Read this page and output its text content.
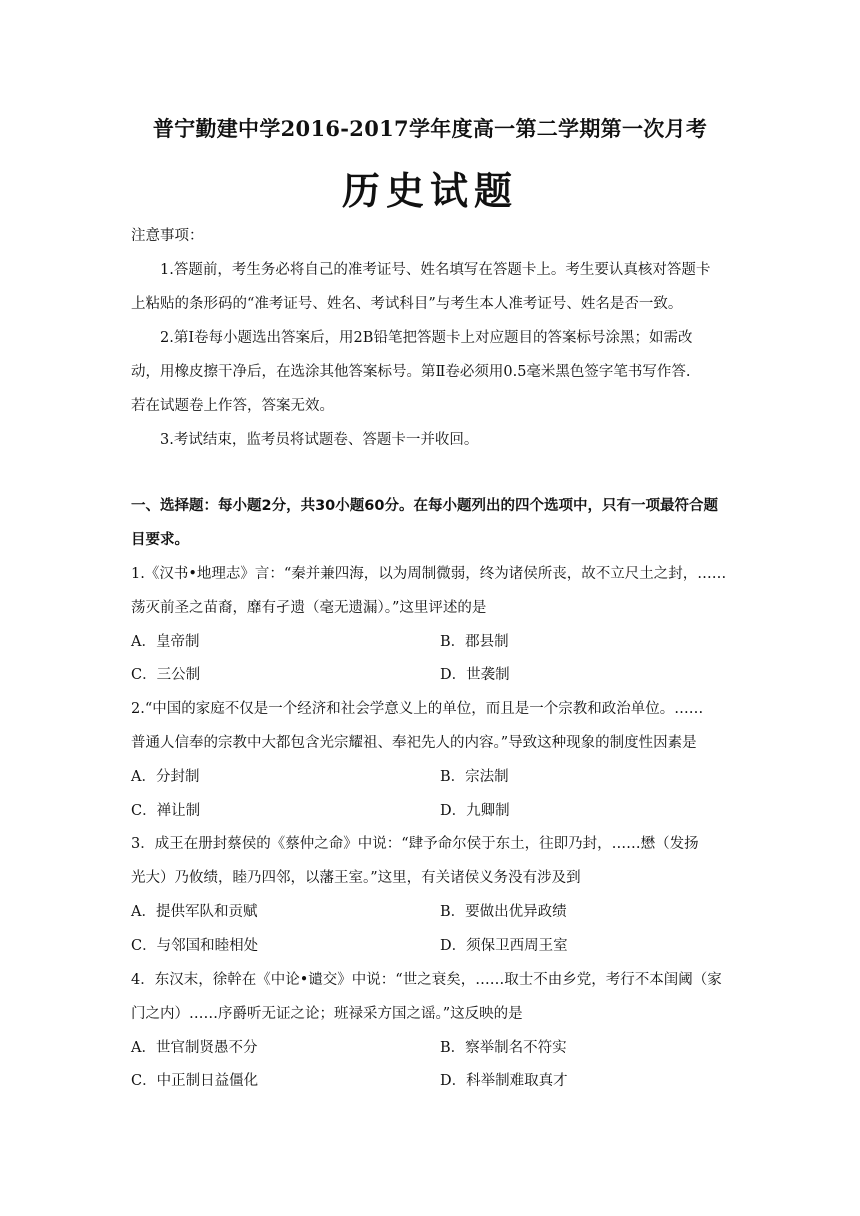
普宁勤建中学2016-2017学年度高一第二学期第一次月考
历史试题
注意事项：
1.答题前，考生务必将自己的准考证号、姓名填写在答题卡上。考生要认真核对答题卡
上粘贴的条形码的“准考证号、姓名、考试科目”与考生本人准考证号、姓名是否一致。
2.第Ⅰ卷每小题选出答案后，用2B铅笔把答题卡上对应题目的答案标号涂黑；如需改
动，用橡皮擦干净后，在选涂其他答案标号。第Ⅱ卷必须用0.5毫米黑色签字笔书写作答.
若在试题卷上作答，答案无效。
3.考试结束，监考员将试题卷、答题卡一并收回。
一、选择题：每小题2分，共30小题60分。在每小题列出的四个选项中，只有一项最符合题
目要求。
1.《汉书•地理志》言：“秦并兼四海，以为周制微弱，终为诸侯所丧，故不立尺土之封，……
荡灭前圣之苗裔，靡有孑遗（毫无遗漏）。”这里评述的是
A．皇帝制	B．郡县制
C．三公制	D．世袭制
2.“中国的家庭不仅是一个经济和社会学意义上的单位，而且是一个宗教和政治单位。……
普通人信奉的宗教中大都包含光宗耀祖、奉祀先人的内容。”导致这种现象的制度性因素是
A．分封制	B．宗法制
C．禅让制	D．九卿制
3．成王在册封蔡侯的《蔡仲之命》中说：“肆予命尔侯于东土，往即乃封，……懋（发扬
光大）乃攸绩，睦乃四邻，以藩王室。”这里，有关诸侯义务没有涉及到
A．提供军队和贡赋	B．要做出优异政绩
C．与邻国和睦相处	D．须保卫西周王室
4．东汉末，徐幹在《中论•谴交》中说：“世之衰矣，……取士不由乡党，考行不本闺阈（家
门之内）……序爵听无证之论；班禄采方国之谣。”这反映的是
A．世官制贤愚不分	B．察举制名不符实
C．中正制日益僵化	D．科举制难取真才
